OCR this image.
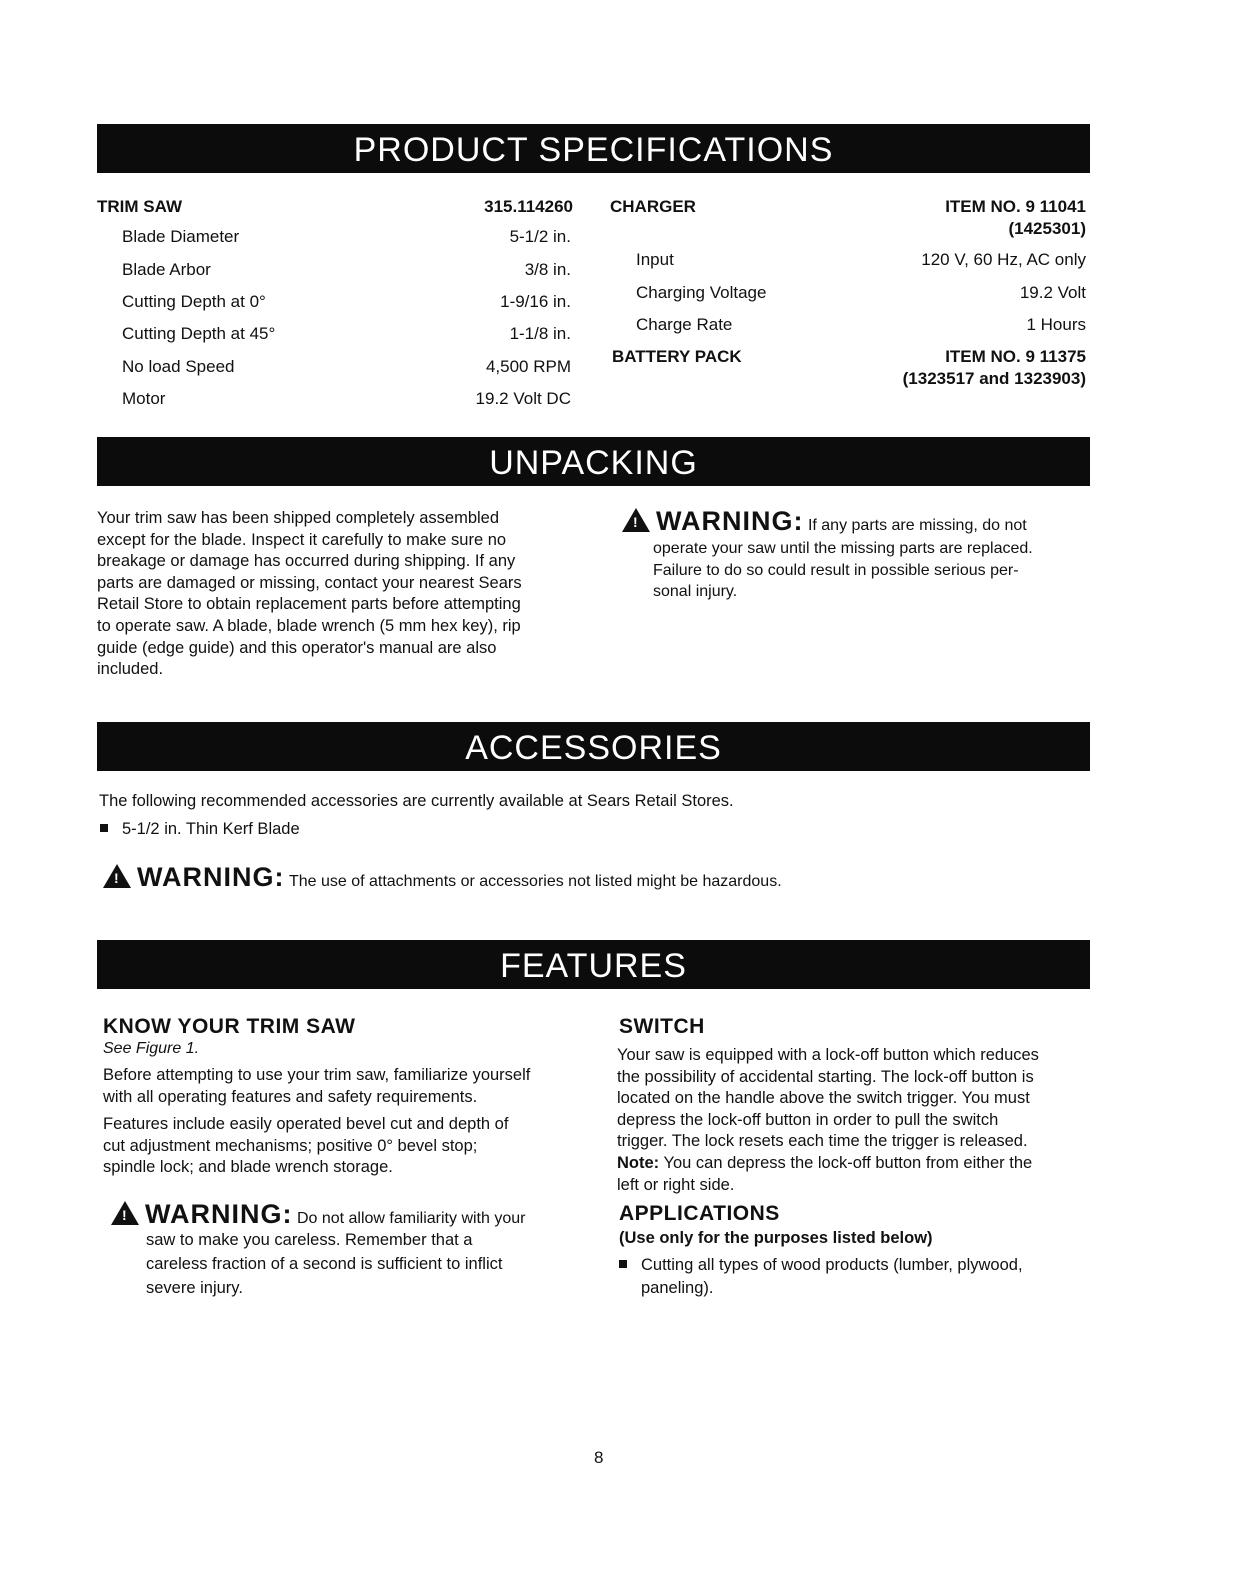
PRODUCT SPECIFICATIONS
UNPACKING
ACCESSORIES
FEATURES
TRIM SAW	315.114260
Blade Diameter	5-1/2 in.
Blade Arbor	3/8 in.
Cutting Depth at 0°	1-9/16 in.
Cutting Depth at 45°	1-1/8 in.
No load Speed	4,500 RPM
Motor	19.2 Volt DC
CHARGER	ITEM NO. 9 11041
(1425301)
Input	120 V, 60 Hz, AC only
Charging Voltage	19.2 Volt
Charge Rate	1 Hours
BATTERY PACK	ITEM NO. 9 11375
(1323517 and 1323903)

Your trim saw has been shipped completely assembled

except for the blade. Inspect it carefully to make sure no

breakage or damage has occurred during shipping. If any

parts are damaged or missing, contact your nearest Sears

Retail Store to obtain replacement parts before attempting

to operate saw. A blade, blade wrench (5 mm hex key), rip

guide (edge guide) and this operator's manual are also

included.

!WARNING: If any parts are missing, do not

operate your saw until the missing parts are replaced.

Failure to do so could result in possible serious per-

sonal injury.

The following recommended accessories are currently available at Sears Retail Stores.
5-1/2 in. Thin Kerf Blade
!WARNING: The use of attachments or accessories not listed might be hazardous.
KNOW YOUR TRIM SAW
See Figure 1.

Before attempting to use your trim saw, familiarize yourself

with all operating features and safety requirements.

Features include easily operated bevel cut and depth of

cut adjustment mechanisms; positive 0° bevel stop;

spindle lock; and blade wrench storage.

!WARNING: Do not allow familiarity with your

saw to make you careless. Remember that a

careless fraction of a second is sufficient to inflict

severe injury.

SWITCH

Your saw is equipped with a lock-off button which reduces

the possibility of accidental starting. The lock-off button is

located on the handle above the switch trigger. You must

depress the lock-off button in order to pull the switch

trigger. The lock resets each time the trigger is released.

Note: You can depress the lock-off button from either the

left or right side.

APPLICATIONS
(Use only for the purposes listed below)
Cutting all types of wood products (lumber, plywood,
paneling).
8
